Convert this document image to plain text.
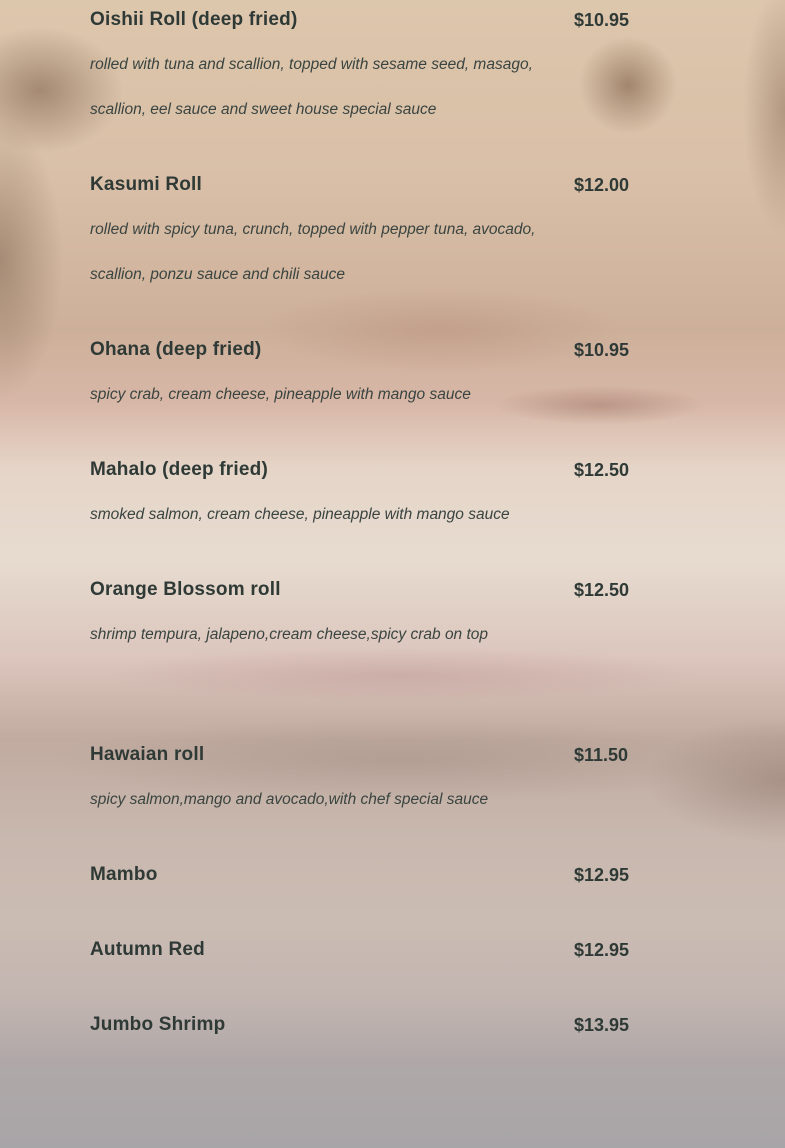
Oishii Roll (deep fried)	$10.95
rolled with tuna and scallion, topped with sesame seed, masago, scallion, eel sauce and sweet house special sauce
Kasumi Roll	$12.00
rolled with spicy tuna, crunch, topped with pepper tuna, avocado, scallion, ponzu sauce and chili sauce
Ohana (deep fried)	$10.95
spicy crab, cream cheese, pineapple with mango sauce
Mahalo (deep fried)	$12.50
smoked salmon, cream cheese, pineapple with mango sauce
Orange Blossom roll	$12.50
shrimp tempura, jalapeno,cream cheese,spicy crab on top
Hawaian roll	$11.50
spicy salmon,mango and avocado,with chef special sauce
Mambo	$12.95
Autumn Red	$12.95
Jumbo Shrimp	$13.95
